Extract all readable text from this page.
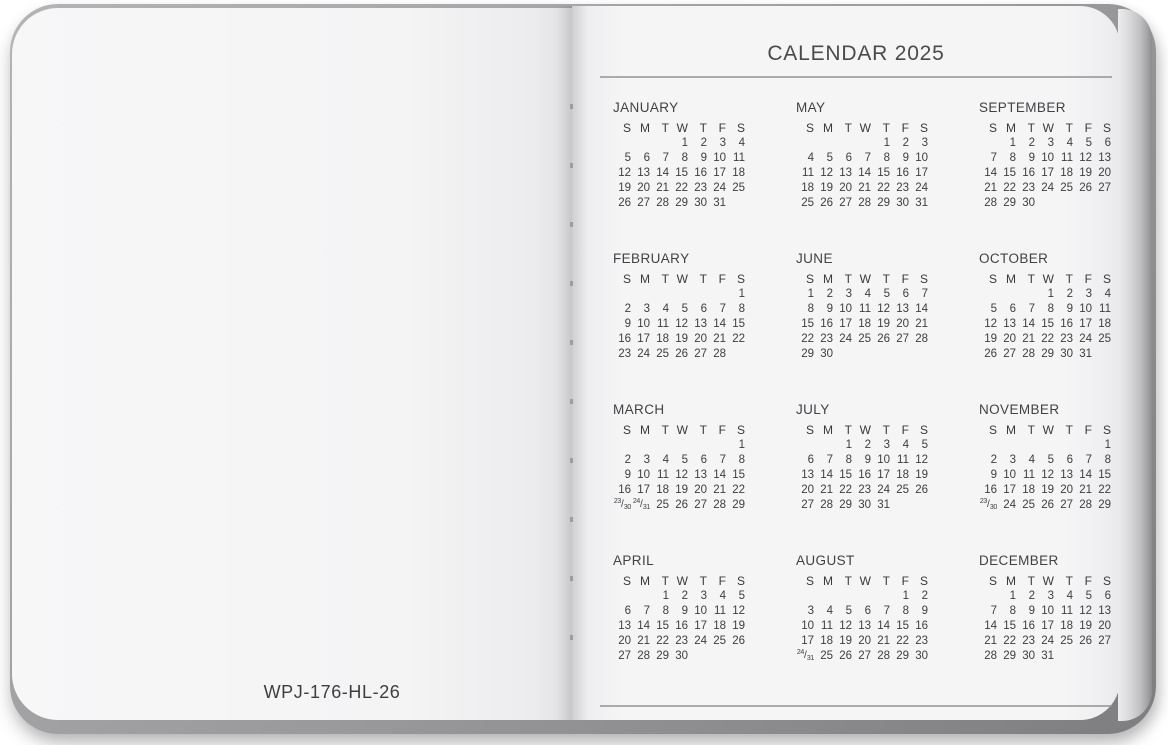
WPJ-176-HL-26
CALENDAR 2025
JANUARY
S	M	T	W	T	F	S
			1	2	3	4
5	6	7	8	9	10	11
12	13	14	15	16	17	18
19	20	21	22	23	24	25
26	27	28	29	30	31	
MAY
S	M	T	W	T	F	S
				1	2	3
4	5	6	7	8	9	10
11	12	13	14	15	16	17
18	19	20	21	22	23	24
25	26	27	28	29	30	31
SEPTEMBER
S	M	T	W	T	F	S
	1	2	3	4	5	6
7	8	9	10	11	12	13
14	15	16	17	18	19	20
21	22	23	24	25	26	27
28	29	30				
FEBRUARY
S	M	T	W	T	F	S
						1
2	3	4	5	6	7	8
9	10	11	12	13	14	15
16	17	18	19	20	21	22
23	24	25	26	27	28	
JUNE
S	M	T	W	T	F	S
1	2	3	4	5	6	7
8	9	10	11	12	13	14
15	16	17	18	19	20	21
22	23	24	25	26	27	28
29	30					
OCTOBER
S	M	T	W	T	F	S
			1	2	3	4
5	6	7	8	9	10	11
12	13	14	15	16	17	18
19	20	21	22	23	24	25
26	27	28	29	30	31	
MARCH
S	M	T	W	T	F	S
						1
2	3	4	5	6	7	8
9	10	11	12	13	14	15
16	17	18	19	20	21	22
$^{23}$/30	$^{24}$/31	25	26	27	28	29
JULY
S	M	T	W	T	F	S
		1	2	3	4	5
6	7	8	9	10	11	12
13	14	15	16	17	18	19
20	21	22	23	24	25	26
27	28	29	30	31		
NOVEMBER
S	M	T	W	T	F	S
						1
2	3	4	5	6	7	8
9	10	11	12	13	14	15
16	17	18	19	20	21	22
$^{23}$/30	24	25	26	27	28	29
APRIL
S	M	T	W	T	F	S
		1	2	3	4	5
6	7	8	9	10	11	12
13	14	15	16	17	18	19
20	21	22	23	24	25	26
27	28	29	30			
AUGUST
S	M	T	W	T	F	S
					1	2
3	4	5	6	7	8	9
10	11	12	13	14	15	16
17	18	19	20	21	22	23
$^{24}$/31	25	26	27	28	29	30
DECEMBER
S	M	T	W	T	F	S
	1	2	3	4	5	6
7	8	9	10	11	12	13
14	15	16	17	18	19	20
21	22	23	24	25	26	27
28	29	30	31			
